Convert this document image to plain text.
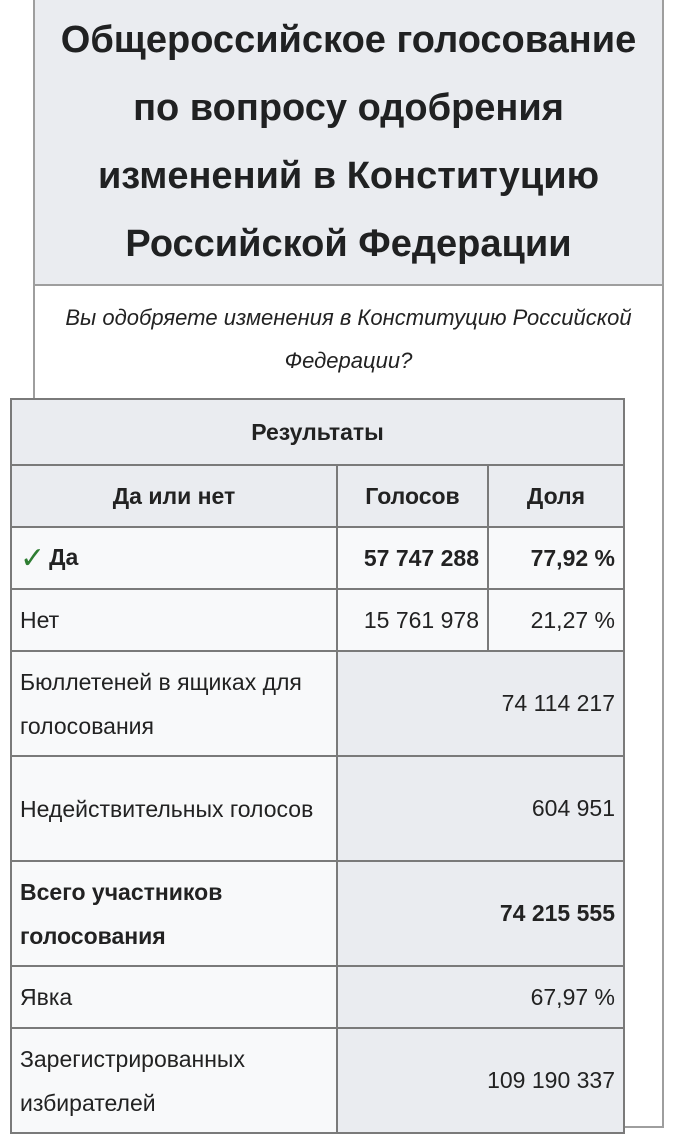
Общероссийское голосование по вопросу одобрения изменений в Конституцию Российской Федерации
Вы одобряете изменения в Конституцию Российской Федерации?
Результаты		
Да или нет	Голосов	Доля
✓ Да	57 747 288	77,92 %
Нет	15 761 978	21,27 %
Бюллетеней в ящиках для голосования	74 114 217	
Недействительных голосов	604 951	
Всего участников голосования	74 215 555	
Явка	67,97 %	
Зарегистрированных избирателей	109 190 337	
